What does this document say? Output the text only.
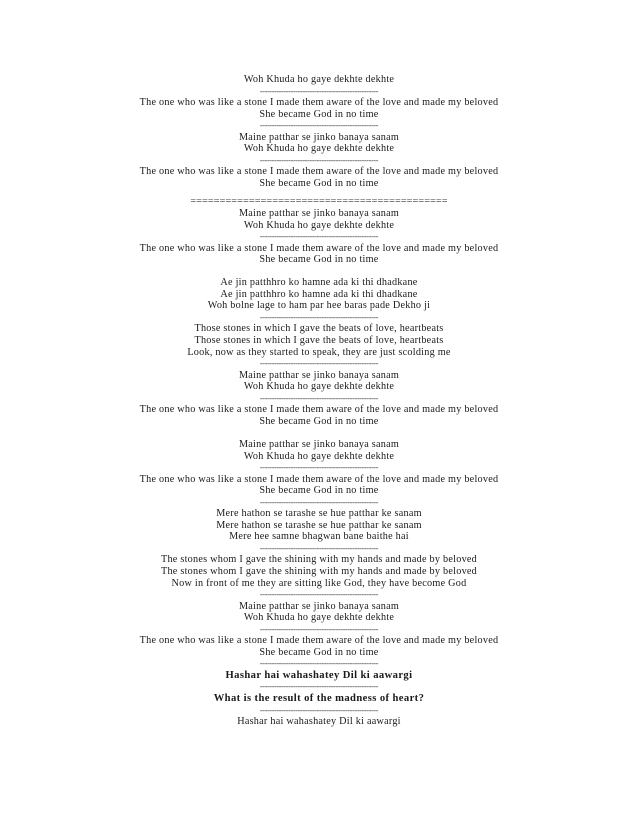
Woh Khuda ho gaye dekhte dekhte
--------------------------------------------------
The one who was like a stone I made them aware of the love and made my beloved
She became God in no time
--------------------------------------------------
Maine patthar se jinko banaya sanam
Woh Khuda ho gaye dekhte dekhte
--------------------------------------------------
The one who was like a stone I made them aware of the love and made my beloved
She became God in no time
============================================
Maine patthar se jinko banaya sanam
Woh Khuda ho gaye dekhte dekhte
--------------------------------------------------
The one who was like a stone I made them aware of the love and made my beloved
She became God in no time
Ae jin patthhro ko hamne ada ki thi dhadkane
Ae jin patthhro ko hamne ada ki thi dhadkane
Woh bolne lage to ham par hee baras pade Dekho ji
--------------------------------------------------
Those stones in which I gave the beats of love, heartbeats
Those stones in which I gave the beats of love, heartbeats
Look, now as they started to speak, they are just scolding me
--------------------------------------------------
Maine patthar se jinko banaya sanam
Woh Khuda ho gaye dekhte dekhte
--------------------------------------------------
The one who was like a stone I made them aware of the love and made my beloved
She became God in no time
Maine patthar se jinko banaya sanam
Woh Khuda ho gaye dekhte dekhte
--------------------------------------------------
The one who was like a stone I made them aware of the love and made my beloved
She became God in no time
--------------------------------------------------
Mere hathon se tarashe se hue patthar ke sanam
Mere hathon se tarashe se hue patthar ke sanam
Mere hee samne bhagwan bane baithe hai
--------------------------------------------------
The stones whom I gave the shining with my hands and made by beloved
The stones whom I gave the shining with my hands and made by beloved
Now in front of me they are sitting like God, they have become God
--------------------------------------------------
Maine patthar se jinko banaya sanam
Woh Khuda ho gaye dekhte dekhte
--------------------------------------------------
The one who was like a stone I made them aware of the love and made my beloved
She became God in no time
--------------------------------------------------
Hashar hai wahashatey Dil ki aawargi
--------------------------------------------------
What is the result of the madness of heart?
--------------------------------------------------
Hashar hai wahashatey Dil ki aawargi
